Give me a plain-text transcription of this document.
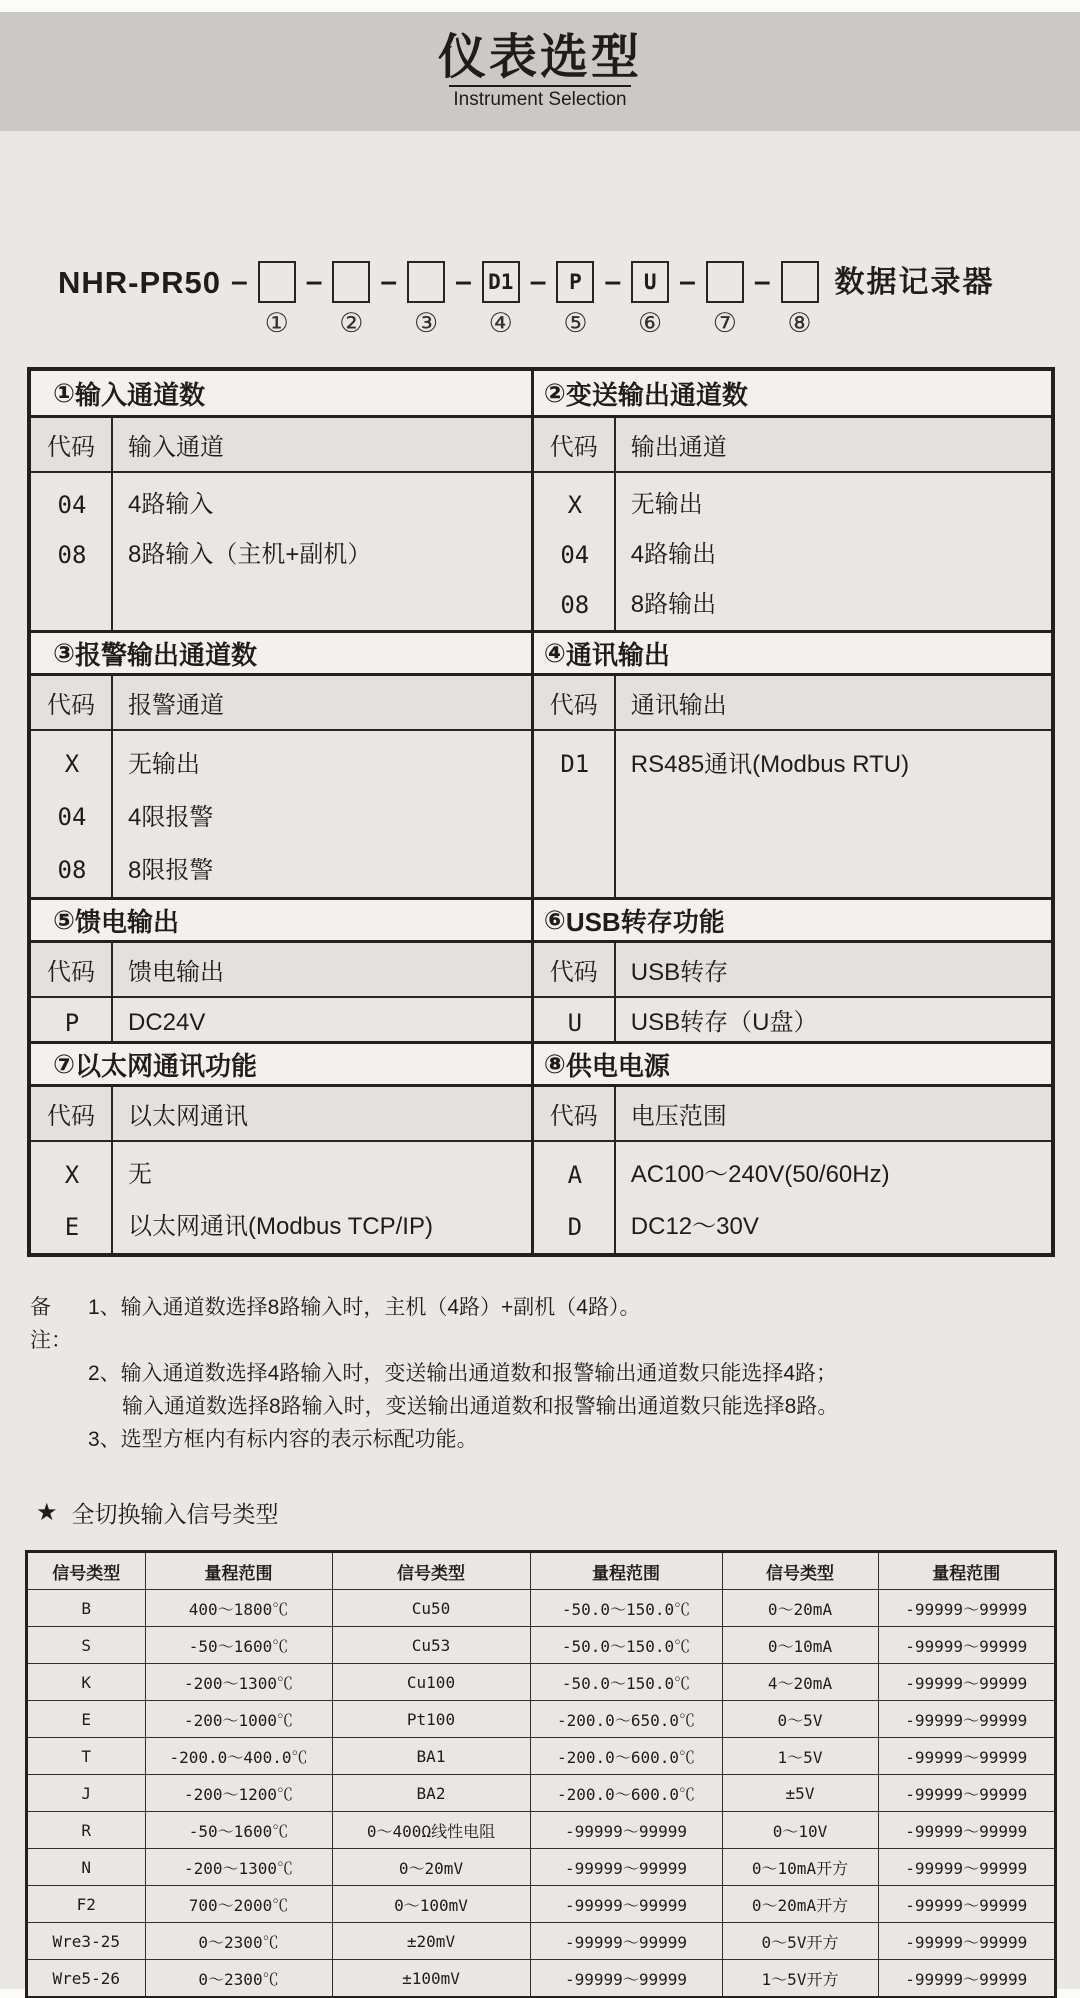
仪表选型
Instrument Selection
NHR-PR50 –
①
–
②
–
③
– D1
④
–	P
⑤
–	U
⑥
–
⑦
–
⑧
数据记录器
① 输入通道数
代码	输入通道
04	4路输入
08	8路输入（主机+副机）
② 变送输出通道数
代码	输出通道
X	无输出
04	4路输出
08	8路输出
③ 报警输出通道数
代码	报警通道
X	无输出
04	4限报警
08	8限报警
④ 通讯输出
代码	通讯输出
D1	RS485通讯(Modbus RTU)
⑤ 馈电输出
代码	馈电输出
P	DC24V
⑥ USB转存功能
代码	USB转存
U	USB转存（U盘）
⑦ 以太网通讯功能
代码	以太网通讯
X	无
E	以太网通讯(Modbus TCP/IP)
⑧ 供电电源
代码	电压范围
A	AC100～240V(50/60Hz)
D	DC12～30V
备注：
1、输入通道数选择8路输入时，主机（4路）+副机（4路）。
2、输入通道数选择4路输入时，变送输出通道数和报警输出通道数只能选择4路；
输入通道数选择8路输入时，变送输出通道数和报警输出通道数只能选择8路。
3、选型方框内有标内容的表示标配功能。
★ 全切换输入信号类型
信号类型	量程范围	信号类型	量程范围	信号类型	量程范围
B	400～1800℃	Cu50	-50.0～150.0℃	0～20mA	-99999～99999
S	-50～1600℃	Cu53	-50.0～150.0℃	0～10mA	-99999～99999
K	-200～1300℃	Cu100	-50.0～150.0℃	4～20mA	-99999～99999
E	-200～1000℃	Pt100	-200.0～650.0℃	0～5V	-99999～99999
T	-200.0～400.0℃	BA1	-200.0～600.0℃	1～5V	-99999～99999
J	-200～1200℃	BA2	-200.0～600.0℃	±5V	-99999～99999
R	-50～1600℃	0～400Ω线性电阻	-99999～99999	0～10V	-99999～99999
N	-200～1300℃	0～20mV	-99999～99999	0～10mA开方	-99999～99999
F2	700～2000℃	0～100mV	-99999～99999	0～20mA开方	-99999～99999
Wre3-25	0～2300℃	±20mV	-99999～99999	0～5V开方	-99999～99999
Wre5-26	0～2300℃	±100mV	-99999～99999	1～5V开方	-99999～99999
